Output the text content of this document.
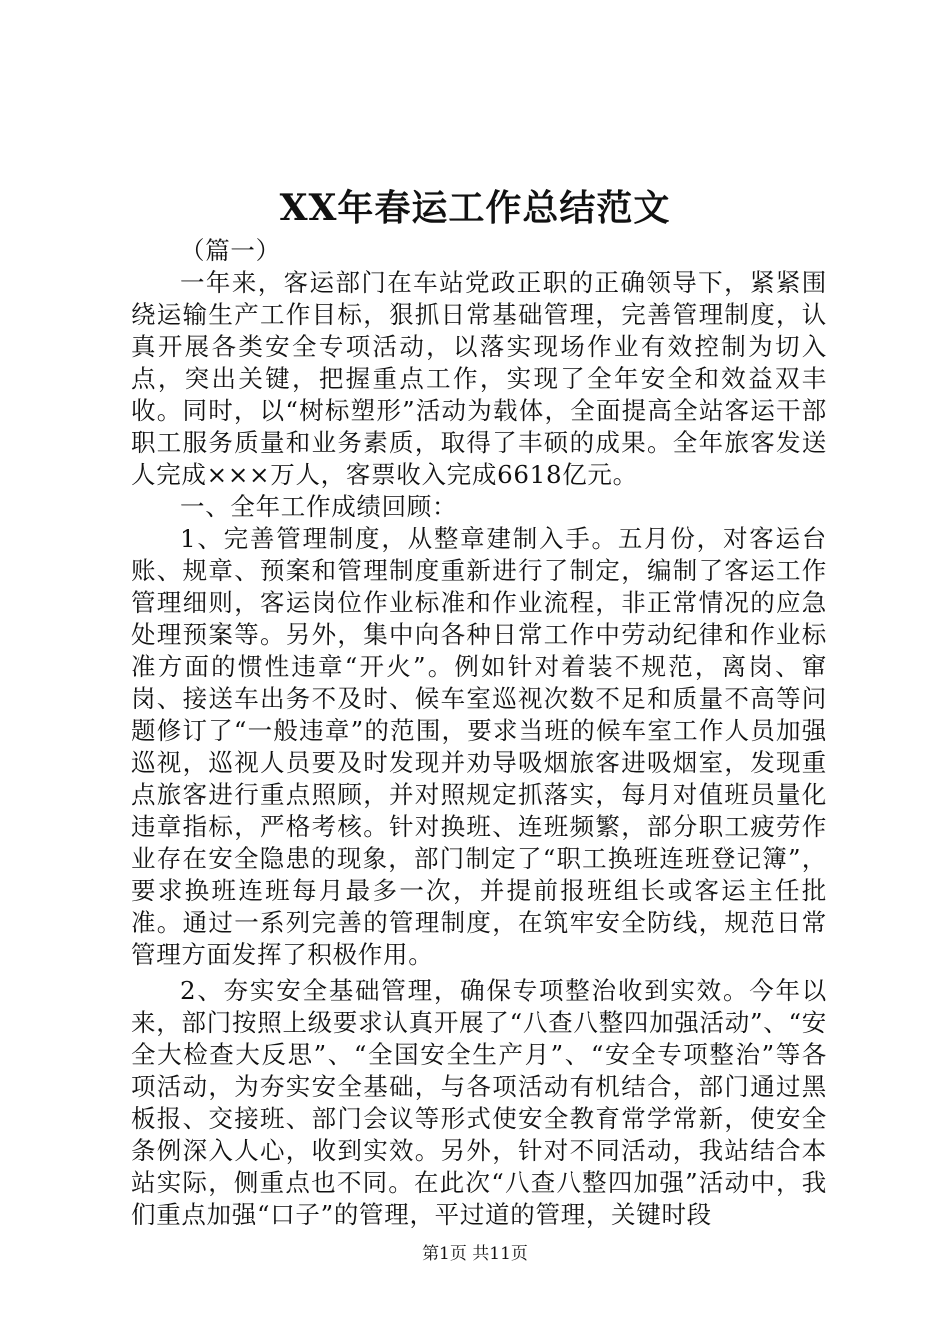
XX年春运工作总结范文

（篇一）

一年来，客运部门在车站党政正职的正确领导下，紧紧围绕运输生产工作目标，狠抓日常基础管理，完善管理制度，认真开展各类安全专项活动，以落实现场作业有效控制为切入点，突出关键，把握重点工作，实现了全年安全和效益双丰收。同时，以“树标塑形”活动为载体，全面提高全站客运干部职工服务质量和业务素质，取得了丰硕的成果。全年旅客发送人完成×××万人，客票收入完成6618亿元。

一、全年工作成绩回顾：

1、完善管理制度，从整章建制入手。五月份，对客运台账、规章、预案和管理制度重新进行了制定，编制了客运工作管理细则，客运岗位作业标准和作业流程，非正常情况的应急处理预案等。另外，集中向各种日常工作中劳动纪律和作业标准方面的惯性违章“开火”。例如针对着装不规范，离岗、窜岗、接送车出务不及时、候车室巡视次数不足和质量不高等问题修订了“一般违章”的范围，要求当班的候车室工作人员加强巡视，巡视人员要及时发现并劝导吸烟旅客进吸烟室，发现重点旅客进行重点照顾，并对照规定抓落实，每月对值班员量化违章指标，严格考核。针对换班、连班频繁，部分职工疲劳作业存在安全隐患的现象，部门制定了“职工换班连班登记簿”，要求换班连班每月最多一次，并提前报班组长或客运主任批准。通过一系列完善的管理制度，在筑牢安全防线，规范日常管理方面发挥了积极作用。

2、夯实安全基础管理，确保专项整治收到实效。今年以来，部门按照上级要求认真开展了“八查八整四加强活动”、“安全大检查大反思”、“全国安全生产月”、“安全专项整治”等各项活动，为夯实安全基础，与各项活动有机结合，部门通过黑板报、交接班、部门会议等形式使安全教育常学常新，使安全条例深入人心，收到实效。另外，针对不同活动，我站结合本站实际，侧重点也不同。在此次“八查八整四加强”活动中，我们重点加强“口子”的管理，平过道的管理，关键时段

第1页 共11页
